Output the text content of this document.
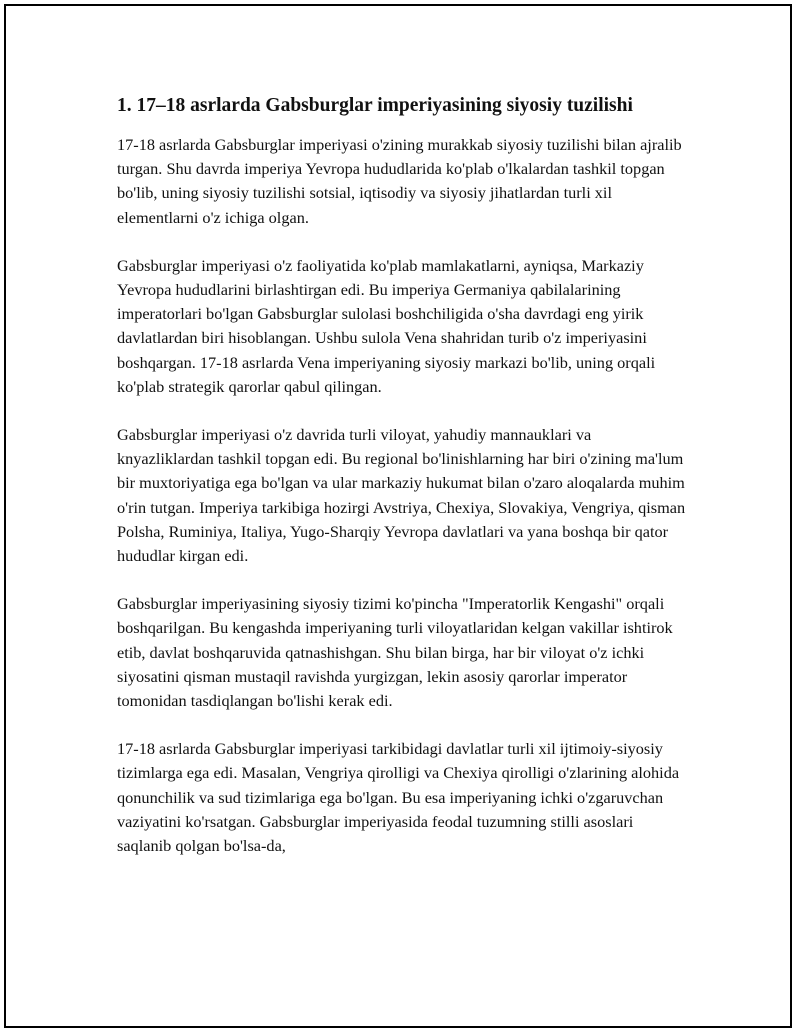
1. 17–18 asrlarda Gabsburglar imperiyasining siyosiy tuzilishi

17-18 asrlarda Gabsburglar imperiyasi o'zining murakkab siyosiy tuzilishi bilan ajralib turgan. Shu davrda imperiya Yevropa hududlarida ko'plab o'lkalardan tashkil topgan bo'lib, uning siyosiy tuzilishi sotsial, iqtisodiy va siyosiy jihatlardan turli xil elementlarni o'z ichiga olgan.

Gabsburglar imperiyasi o'z faoliyatida ko'plab mamlakatlarni, ayniqsa, Markaziy Yevropa hududlarini birlashtirgan edi. Bu imperiya Germaniya qabilalarining imperatorlari bo'lgan Gabsburglar sulolasi boshchiligida o'sha davrdagi eng yirik davlatlardan biri hisoblangan. Ushbu sulola Vena shahridan turib o'z imperiyasini boshqargan. 17-18 asrlarda Vena imperiyaning siyosiy markazi bo'lib, uning orqali ko'plab strategik qarorlar qabul qilingan.

Gabsburglar imperiyasi o'z davrida turli viloyat, yahudiy mannauklari va knyazliklardan tashkil topgan edi. Bu regional bo'linishlarning har biri o'zining ma'lum bir muxtoriyatiga ega bo'lgan va ular markaziy hukumat bilan o'zaro aloqalarda muhim o'rin tutgan. Imperiya tarkibiga hozirgi Avstriya, Chexiya, Slovakiya, Vengriya, qisman Polsha, Ruminiya, Italiya, Yugo-Sharqiy Yevropa davlatlari va yana boshqa bir qator hududlar kirgan edi.

Gabsburglar imperiyasining siyosiy tizimi ko'pincha "Imperatorlik Kengashi" orqali boshqarilgan. Bu kengashda imperiyaning turli viloyatlaridan kelgan vakillar ishtirok etib, davlat boshqaruvida qatnashishgan. Shu bilan birga, har bir viloyat o'z ichki siyosatini qisman mustaqil ravishda yurgizgan, lekin asosiy qarorlar imperator tomonidan tasdiqlangan bo'lishi kerak edi.

17-18 asrlarda Gabsburglar imperiyasi tarkibidagi davlatlar turli xil ijtimoiy-siyosiy tizimlarga ega edi. Masalan, Vengriya qirolligi va Chexiya qirolligi o'zlarining alohida qonunchilik va sud tizimlariga ega bo'lgan. Bu esa imperiyaning ichki o'zgaruvchan vaziyatini ko'rsatgan. Gabsburglar imperiyasida feodal tuzumning stilli asoslari saqlanib qolgan bo'lsa-da,
